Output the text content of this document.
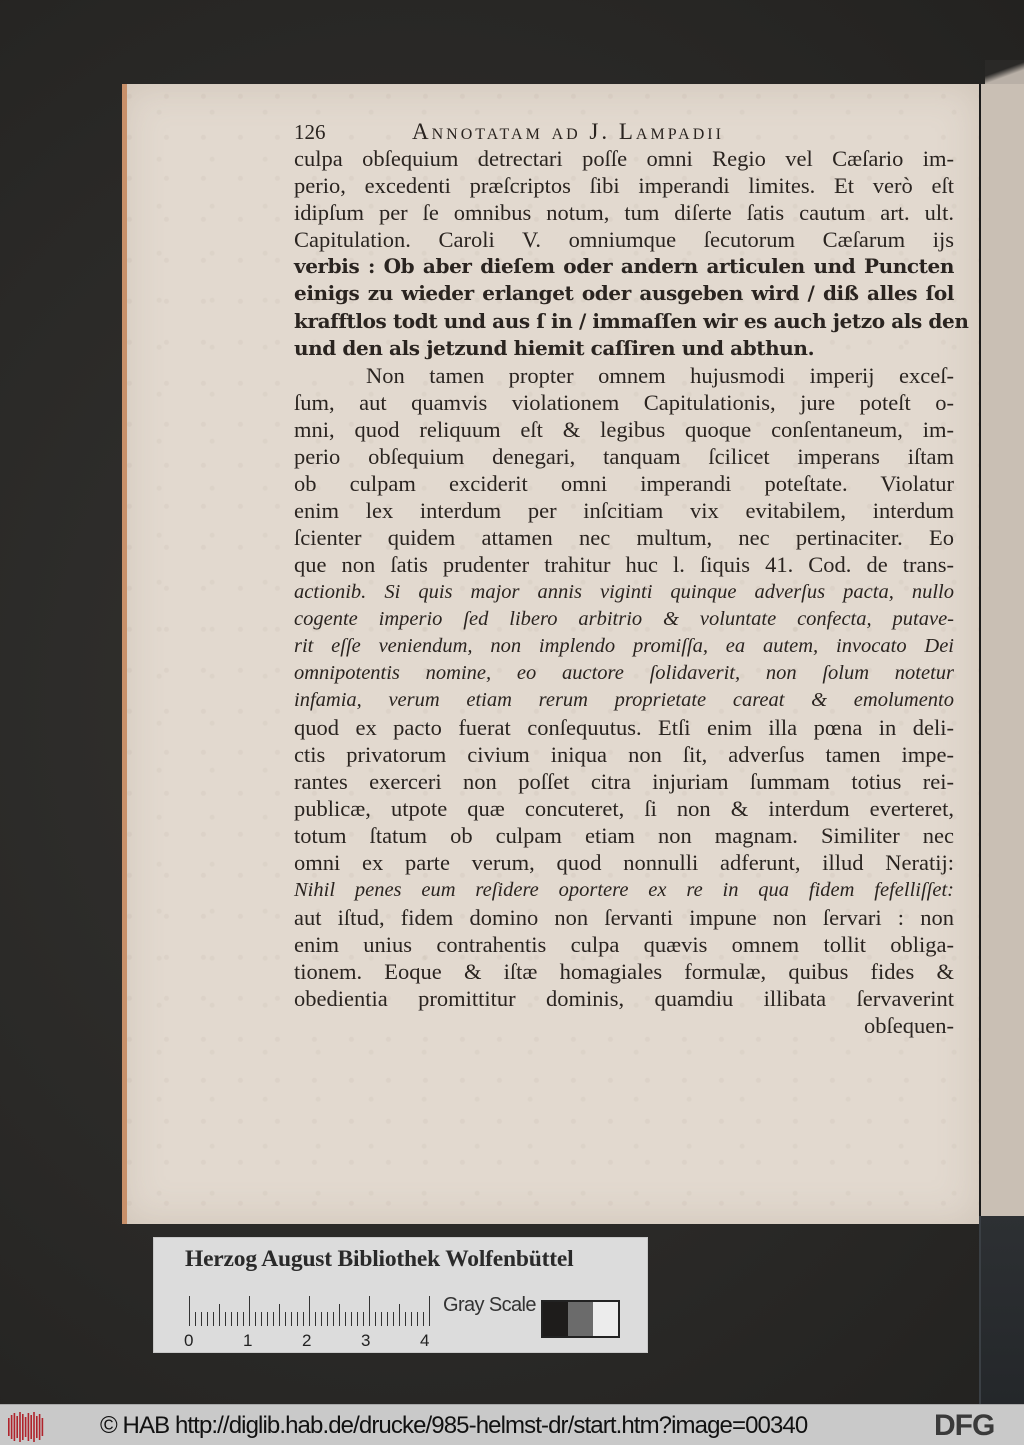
126	Annotatam ad J. Lampadii
culpa obſequium detrectari poſſe omni Regio vel Cæſario im-
perio, excedenti præſcriptos ſibi imperandi limites. Et verò eſt
idipſum per ſe omnibus notum, tum diſerte ſatis cautum art. ult.
Capitulation. Caroli V. omniumque ſecutorum Cæſarum ijs
verbis : Ob aber dieſem oder andern articulen und Puncten
einigs zu wieder erlanget oder ausgeben wird / diß alles ſol
krafftlos todt und aus ſ in / immaſſen wir es auch jetzo als den
und den als jetzund hiemit caſſiren und abthun.
Non tamen propter omnem hujusmodi imperij exceſ-
ſum, aut quamvis violationem Capitulationis, jure poteſt o-
mni, quod reliquum eſt & legibus quoque conſentaneum, im-
perio obſequium denegari, tanquam ſcilicet imperans iſtam
ob culpam exciderit omni imperandi poteſtate. Violatur
enim lex interdum per inſcitiam vix evitabilem, interdum
ſcienter quidem attamen nec multum, nec pertinaciter. Eo
que non ſatis prudenter trahitur huc l. ſiquis 41. Cod. de trans-
actionib. Si quis major annis viginti quinque adverſus pacta, nullo
cogente imperio ſed libero arbitrio & voluntate confecta, putave-
rit eſſe veniendum, non implendo promiſſa, ea autem, invocato Dei
omnipotentis nomine, eo auctore ſolidaverit, non ſolum notetur
infamia, verum etiam rerum proprietate careat & emolumento
quod ex pacto fuerat conſequutus. Etſi enim illa pœna in deli-
ctis privatorum civium iniqua non ſit, adverſus tamen impe-
rantes exerceri non poſſet citra injuriam ſummam totius rei-
publicæ, utpote quæ concuteret, ſi non & interdum everteret,
totum ſtatum ob culpam etiam non magnam. Similiter nec
omni ex parte verum, quod nonnulli adferunt, illud Neratij:
Nihil penes eum reſidere oportere ex re in qua fidem fefelliſſet:
aut iſtud, fidem domino non ſervanti impune non ſervari : non
enim unius contrahentis culpa quævis omnem tollit obliga-
tionem. Eoque & iſtæ homagiales formulæ, quibus fides &
obedientia promittitur dominis, quamdiu illibata ſervaverint
obſequen-
Herzog August Bibliothek Wolfenbüttel
0	1	2	3	4
Gray Scale
© HAB http://diglib.hab.de/drucke/985-helmst-dr/start.htm?image=00340	DFG
